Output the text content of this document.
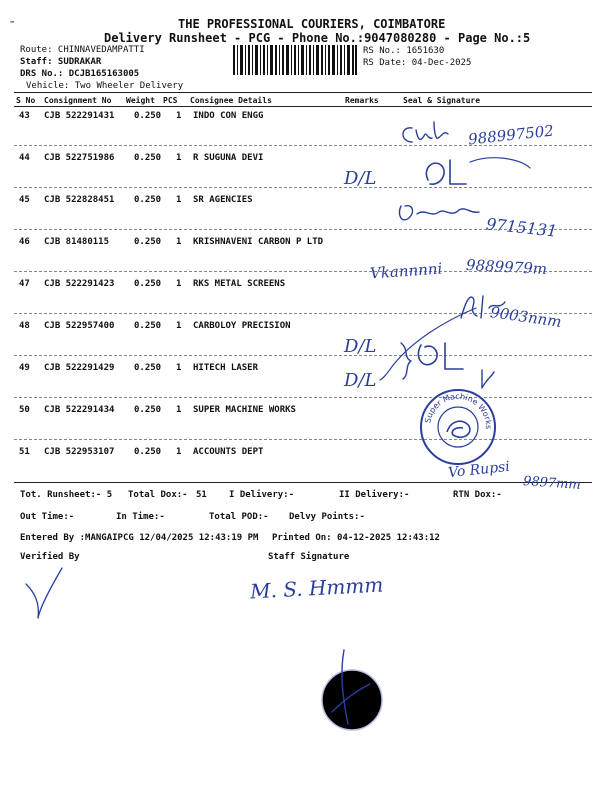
-	THE PROFESSIONAL COURIERS, COIMBATORE
Delivery Runsheet - PCG - Phone No.:9047080280 - Page No.:5
Route: CHINNAVEDAMPATTI
Staff: SUDRAKAR
DRS No.: DCJB165163005
Vehicle: Two Wheeler Delivery
RS No.: 1651630
RS Date: 04-Dec-2025
S No Consignment No Weight PCS Consignee Details	Remarks	Seal & Signature
43 CJB 522291431 0.250 1 INDO CON ENGG
44 CJB 522751986 0.250 1 R SUGUNA DEVI
45 CJB 522828451 0.250 1 SR AGENCIES
46 CJB 81480115	0.250 1 KRISHNAVENI CARBON P LTD
47 CJB 522291423 0.250 1 RKS METAL SCREENS
48 CJB 522957400 0.250 1 CARBOLOY PRECISION
49 CJB 522291429 0.250 1 HITECH LASER
50 CJB 522291434 0.250 1 SUPER MACHINE WORKS
51 CJB 522953107 0.250 1 ACCOUNTS DEPT
Tot. Runsheet:- 5 Total Dox:- 51 I Delivery:-	II Delivery:-	RTN Dox:-
Out Time:-	In Time:-	Total POD:- Delvy Points:-
Entered By :MANGAIPCG 12/04/2025 12:43:19 PM Printed On: 04-12-2025 12:43:12
Verified By	Staff Signature
988997502
D/L
9715131
Vkannnni 9889979m
9003nnm
D/L
D/L
Super Machine Works
Vo Rupsi
9897mm
M. S. Hmmm
